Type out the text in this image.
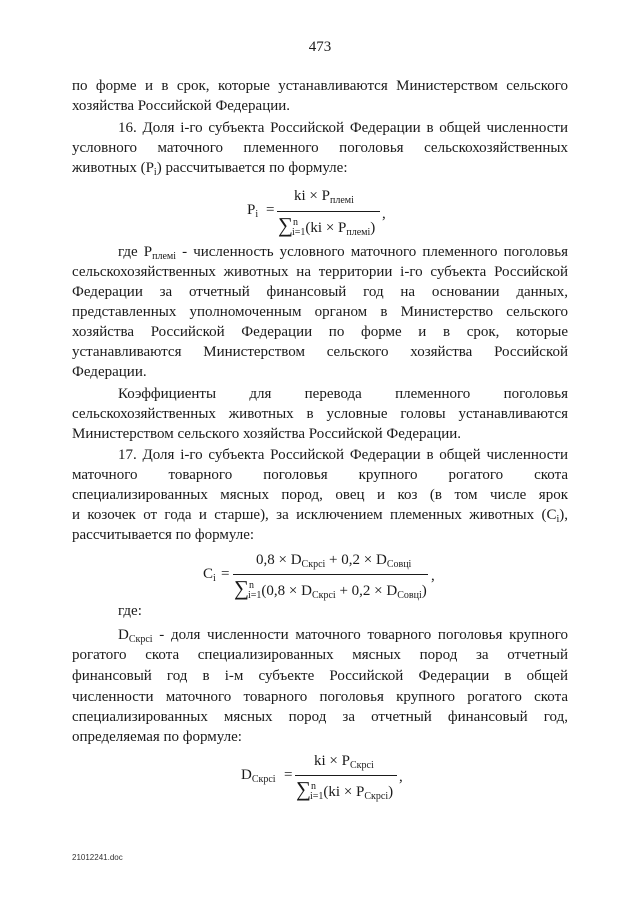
473
по форме и в срок, которые устанавливаются Министерством сельского
хозяйства Российской Федерации.
16. Доля i-го субъекта Российской Федерации в общей численности
условного маточного племенного поголовья сельскохозяйственных
животных $(P_i)$ рассчитывается по формуле:
$P_i$ =
ki × $P_{племi}$
$\sum^n_{i=1}(ki \times P_{племi})$
,
где $P_{племi}$ - численность условного маточного племенного поголовья
сельскохозяйственных животных на территории i-го субъекта Российской
Федерации за отчетный финансовый год на основании данных,
представленных уполномоченным органом в Министерство сельского
хозяйства Российской Федерации по форме и в срок, которые
устанавливаются Министерством сельского хозяйства Российской
Федерации.
Коэффициенты для перевода племенного поголовья
сельскохозяйственных животных в условные головы устанавливаются
Министерством сельского хозяйства Российской Федерации.
17. Доля i-го субъекта Российской Федерации в общей численности
маточного товарного поголовья крупного рогатого скота
специализированных мясных пород, овец и коз (в том числе ярок
и козочек от года и старше), за исключением племенных животных $(C_i)$,
рассчитывается по формуле:
$C_i$ =
$0,8 \times D_{Скрсi} + 0,2 \times D_{Совцi}$
$\sum^n_{i=1}(0,8 \times D_{Скрсi} + 0,2 \times D_{Совцi})$
,
где:
$D_{Скрсi}$ - доля численности маточного товарного поголовья крупного
рогатого скота специализированных мясных пород за отчетный
финансовый год в i-м субъекте Российской Федерации в общей
численности маточного товарного поголовья крупного рогатого скота
специализированных мясных пород за отчетный финансовый год,
определяемая по формуле:
$D_{Скрсi}$ =
ki × $P_{Скрсi}$
$\sum^n_{i=1}(ki \times P_{Скрсi})$
,
21012241.doc
